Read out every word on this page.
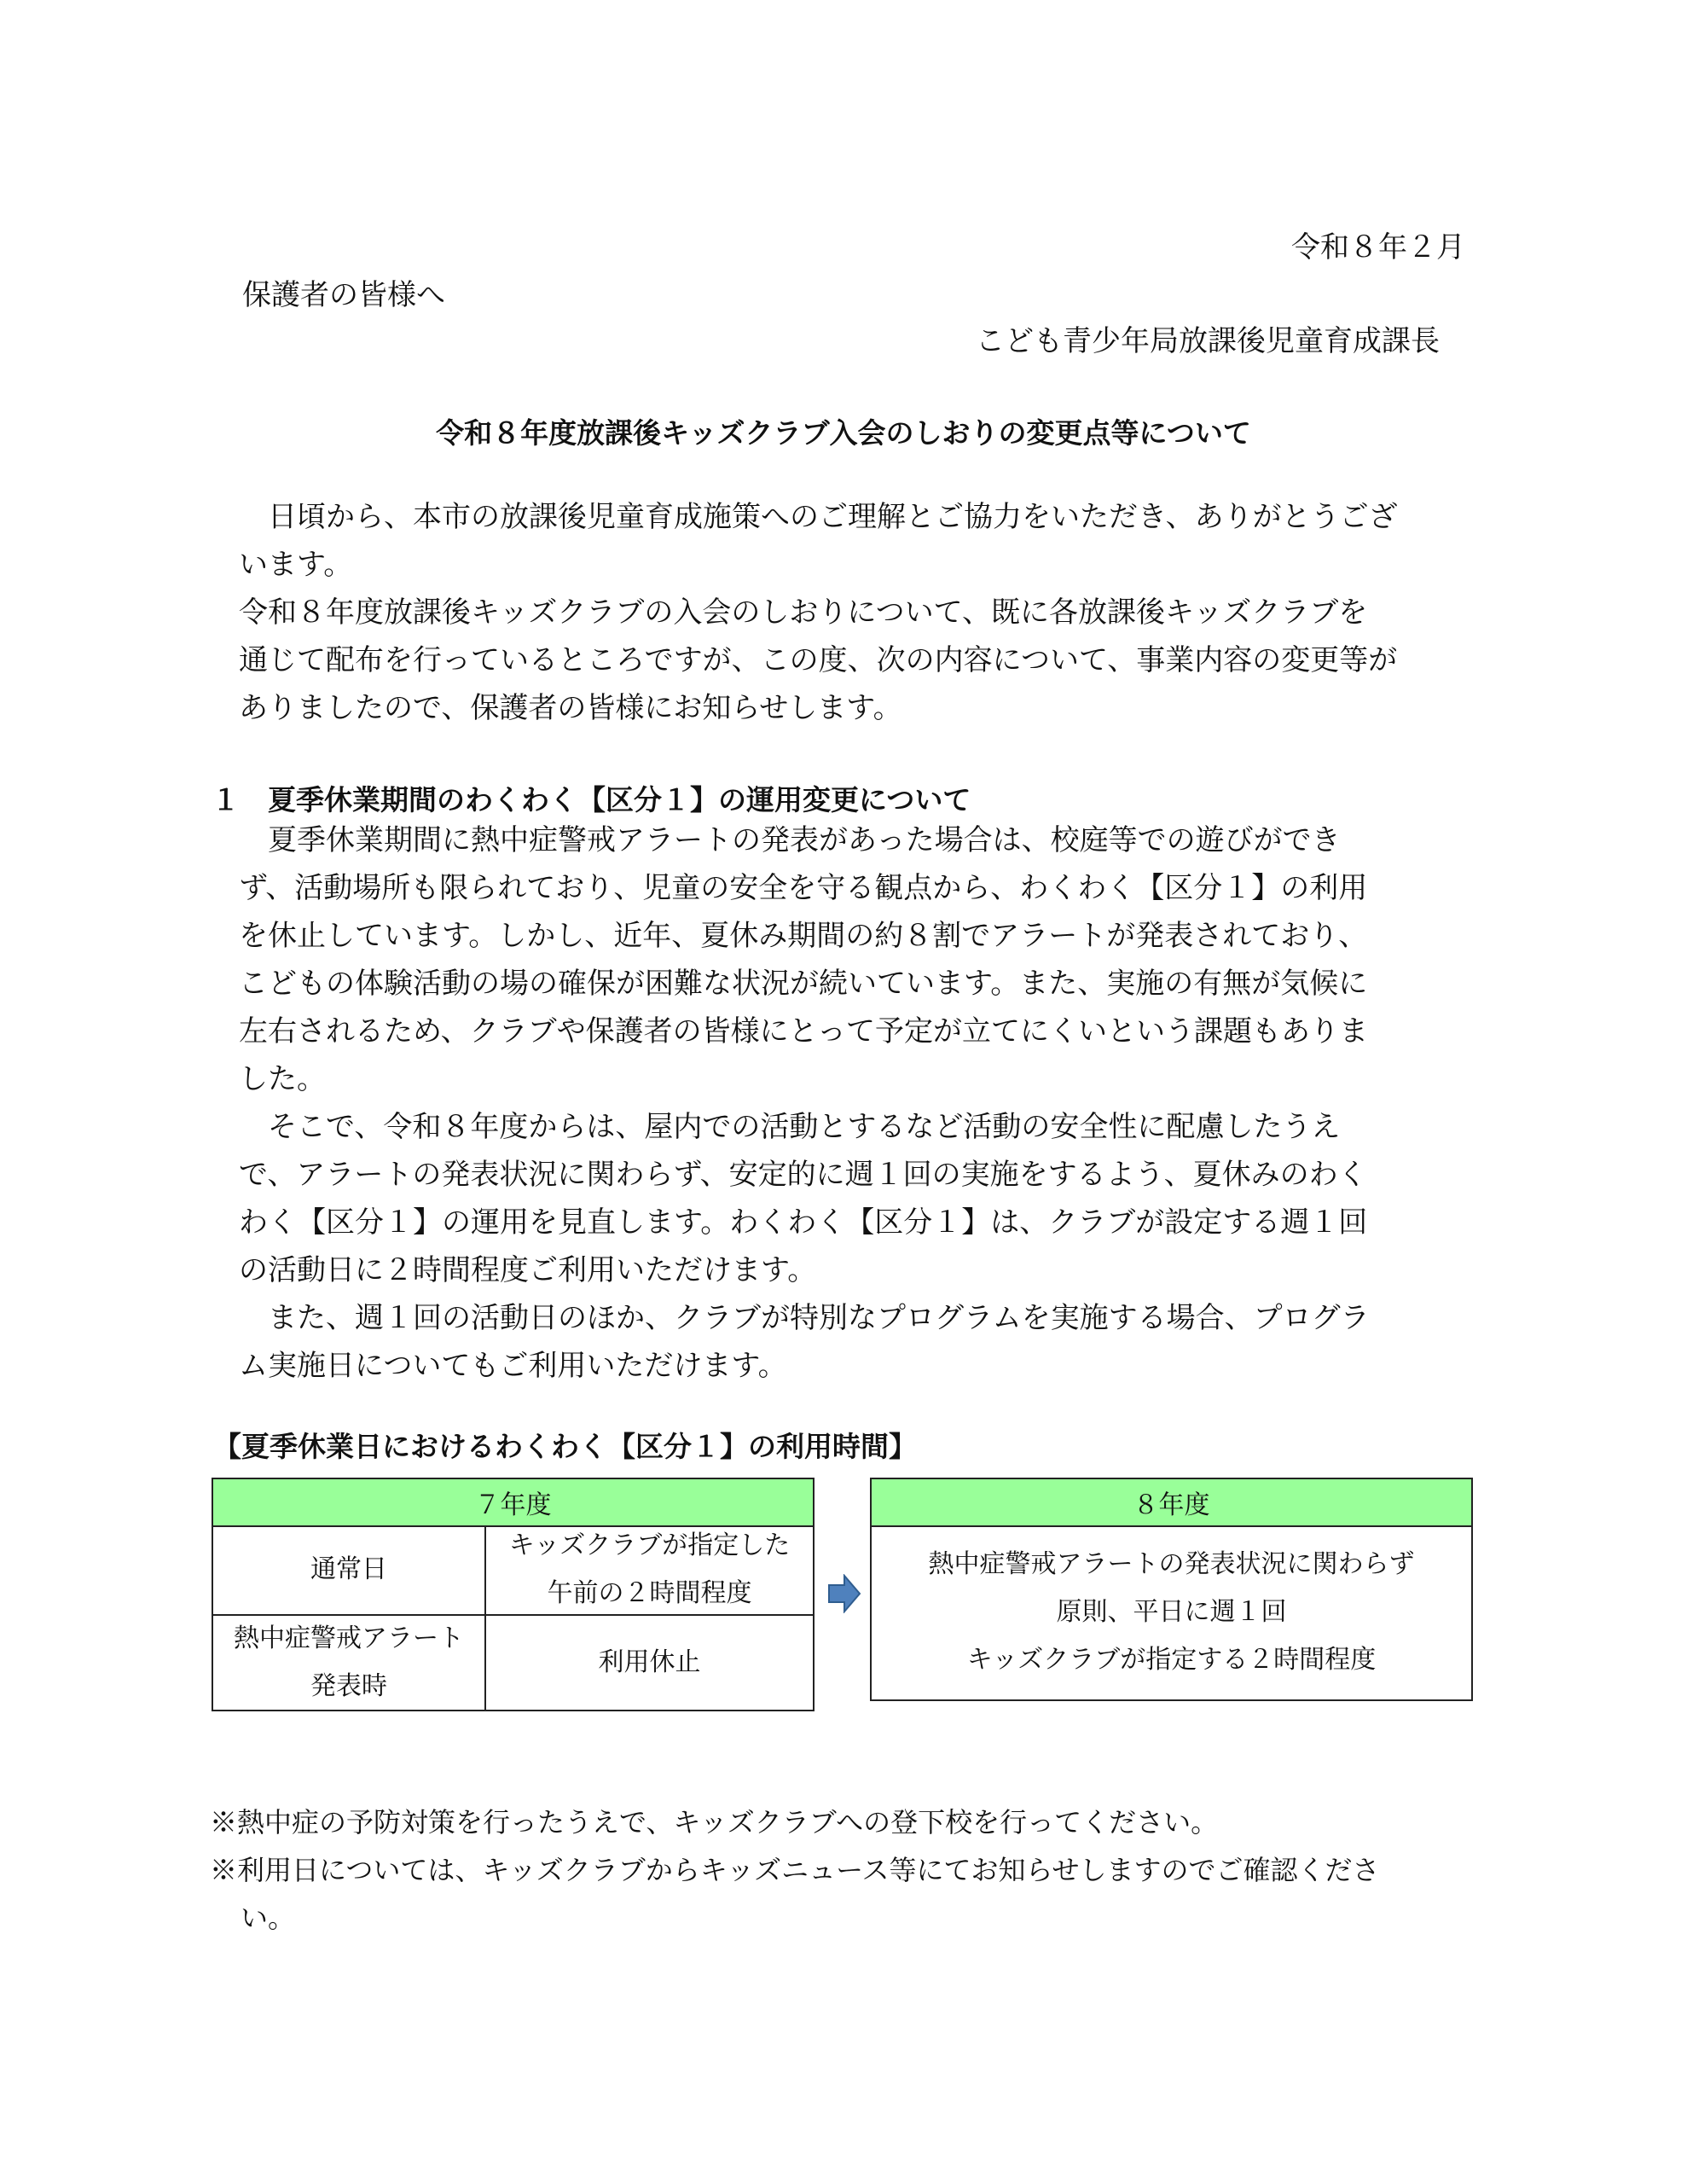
令和８年２月
保護者の皆様へ
こども青少年局放課後児童育成課長
令和８年度放課後キッズクラブ入会のしおりの変更点等について
　日頃から、本市の放課後児童育成施策へのご理解とご協力をいただき、ありがとうござ
います。
令和８年度放課後キッズクラブの入会のしおりについて、既に各放課後キッズクラブを
通じて配布を行っているところですが、この度、次の内容について、事業内容の変更等が
ありましたので、保護者の皆様にお知らせします。
１　夏季休業期間のわくわく【区分１】の運用変更について
　夏季休業期間に熱中症警戒アラートの発表があった場合は、校庭等での遊びができ
ず、活動場所も限られており、児童の安全を守る観点から、わくわく【区分１】の利用
を休止しています。しかし、近年、夏休み期間の約８割でアラートが発表されており、
こどもの体験活動の場の確保が困難な状況が続いています。また、実施の有無が気候に
左右されるため、クラブや保護者の皆様にとって予定が立てにくいという課題もありま
した。
　そこで、令和８年度からは、屋内での活動とするなど活動の安全性に配慮したうえ
で、アラートの発表状況に関わらず、安定的に週１回の実施をするよう、夏休みのわく
わく【区分１】の運用を見直します。わくわく【区分１】は、クラブが設定する週１回
の活動日に２時間程度ご利用いただけます。
　また、週１回の活動日のほか、クラブが特別なプログラムを実施する場合、プログラ
ム実施日についてもご利用いただけます。
【夏季休業日におけるわくわく【区分１】の利用時間】
７年度
通常日
キッズクラブが指定した
午前の２時間程度
熱中症警戒アラート
発表時
利用休止
８年度
熱中症警戒アラートの発表状況に関わらず
原則、平日に週１回
キッズクラブが指定する２時間程度
※熱中症の予防対策を行ったうえで、キッズクラブへの登下校を行ってください。
※利用日については、キッズクラブからキッズニュース等にてお知らせしますのでご確認くださ
い。
